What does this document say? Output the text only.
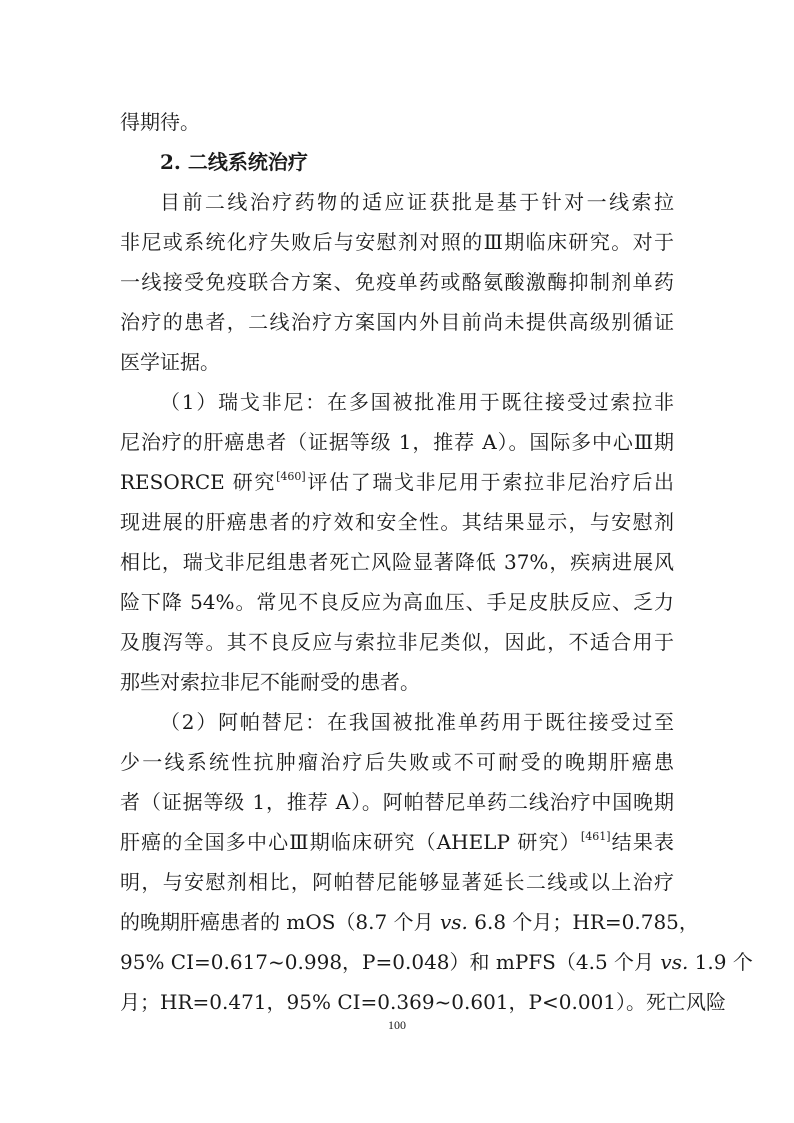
得期待。
2. 二线系统治疗
目前二线治疗药物的适应证获批是基于针对一线索拉
非尼或系统化疗失败后与安慰剂对照的Ⅲ期临床研究。对于
一线接受免疫联合方案、免疫单药或酪氨酸激酶抑制剂单药
治疗的患者，二线治疗方案国内外目前尚未提供高级别循证
医学证据。
（1）瑞戈非尼：在多国被批准用于既往接受过索拉非
尼治疗的肝癌患者（证据等级 1，推荐 A）。国际多中心Ⅲ期
RESORCE 研究[460]评估了瑞戈非尼用于索拉非尼治疗后出
现进展的肝癌患者的疗效和安全性。其结果显示，与安慰剂
相比，瑞戈非尼组患者死亡风险显著降低 37%，疾病进展风
险下降 54%。常见不良反应为高血压、手足皮肤反应、乏力
及腹泻等。其不良反应与索拉非尼类似，因此，不适合用于
那些对索拉非尼不能耐受的患者。
（2）阿帕替尼：在我国被批准单药用于既往接受过至
少一线系统性抗肿瘤治疗后失败或不可耐受的晚期肝癌患
者（证据等级 1，推荐 A）。阿帕替尼单药二线治疗中国晚期
肝癌的全国多中心Ⅲ期临床研究（AHELP 研究）[461]结果表
明，与安慰剂相比，阿帕替尼能够显著延长二线或以上治疗
的晚期肝癌患者的 mOS（8.7 个月 vs. 6.8 个月；HR=0.785，
95% CI=0.617~0.998，P=0.048）和 mPFS（4.5 个月 vs. 1.9 个
月；HR=0.471，95% CI=0.369~0.601，P<0.001）。死亡风险
100
